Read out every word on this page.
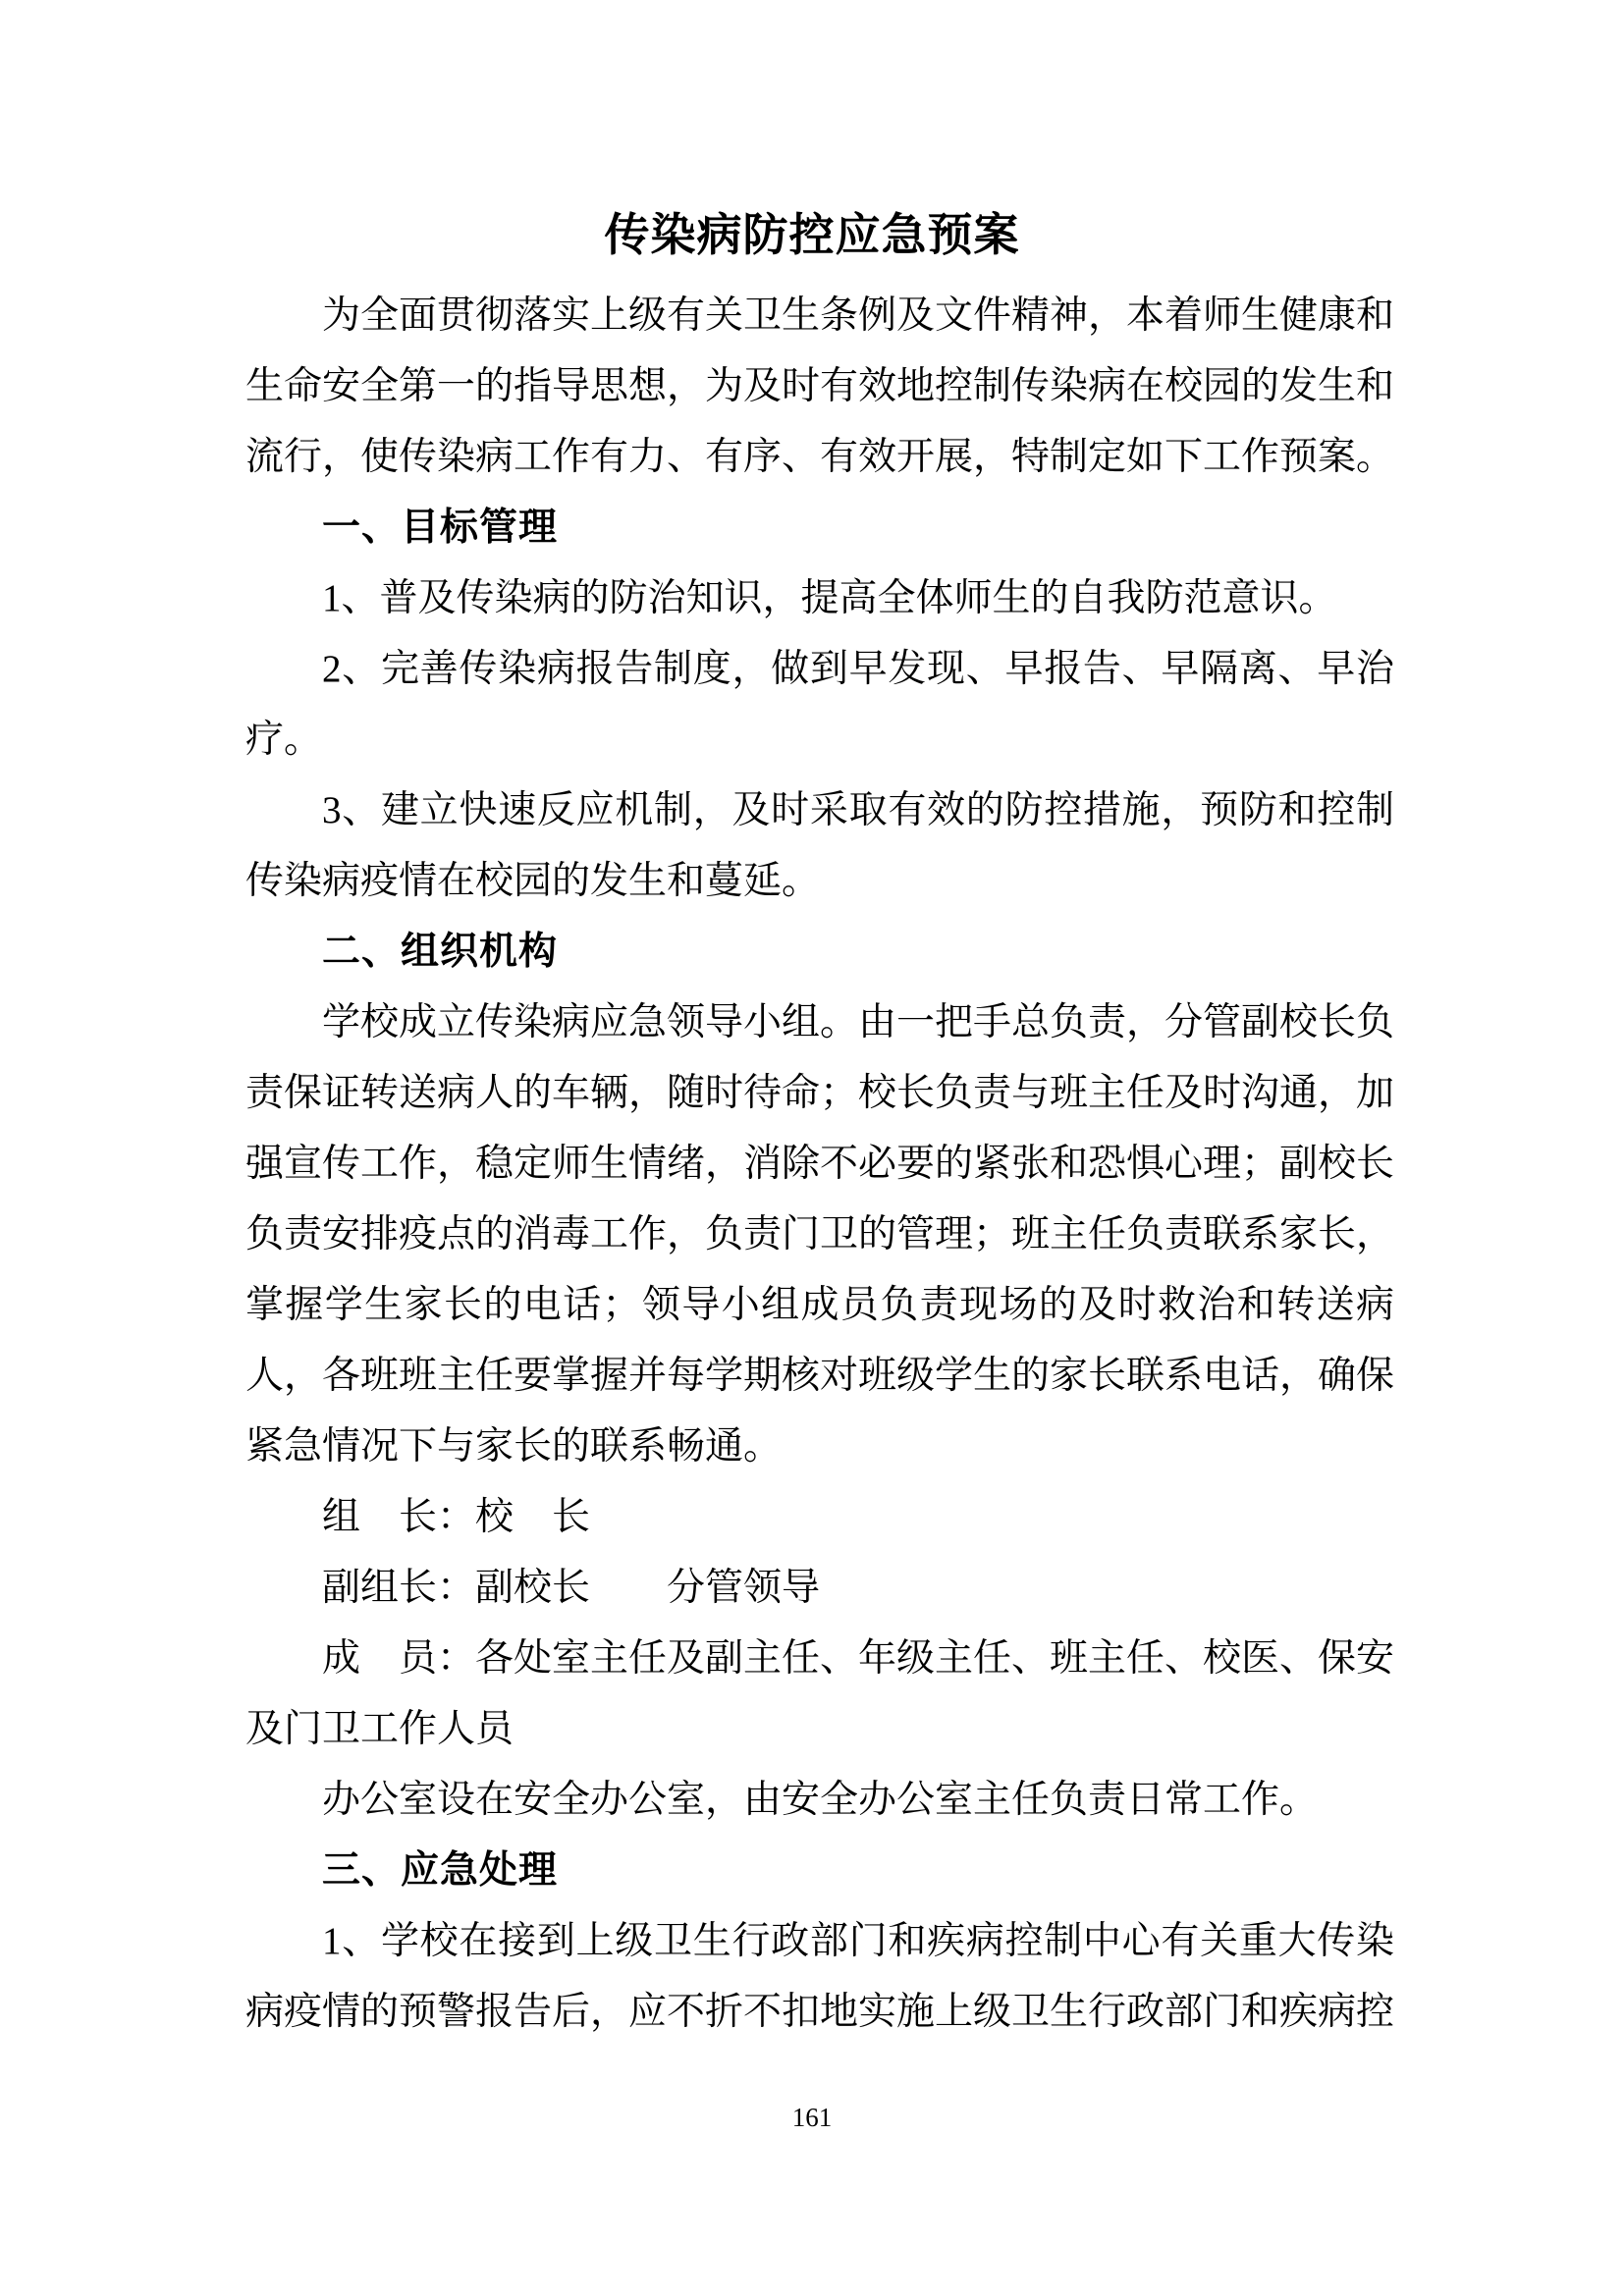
传染病防控应急预案

为全面贯彻落实上级有关卫生条例及文件精神，本着师生健康和生命安全第一的指导思想，为及时有效地控制传染病在校园的发生和流行，使传染病工作有力、有序、有效开展，特制定如下工作预案。

一、目标管理

1、普及传染病的防治知识，提高全体师生的自我防范意识。

2、完善传染病报告制度，做到早发现、早报告、早隔离、早治疗。

3、建立快速反应机制，及时采取有效的防控措施，预防和控制传染病疫情在校园的发生和蔓延。

二、组织机构

学校成立传染病应急领导小组。由一把手总负责，分管副校长负责保证转送病人的车辆，随时待命；校长负责与班主任及时沟通，加强宣传工作，稳定师生情绪，消除不必要的紧张和恐惧心理；副校长负责安排疫点的消毒工作，负责门卫的管理；班主任负责联系家长，掌握学生家长的电话；领导小组成员负责现场的及时救治和转送病人，各班班主任要掌握并每学期核对班级学生的家长联系电话，确保紧急情况下与家长的联系畅通。

组　长：校　长

副组长：副校长　　分管领导

成　员：各处室主任及副主任、年级主任、班主任、校医、保安及门卫工作人员

办公室设在安全办公室，由安全办公室主任负责日常工作。

三、应急处理

1、学校在接到上级卫生行政部门和疾病控制中心有关重大传染病疫情的预警报告后，应不折不扣地实施上级卫生行政部门和疾病控

161
